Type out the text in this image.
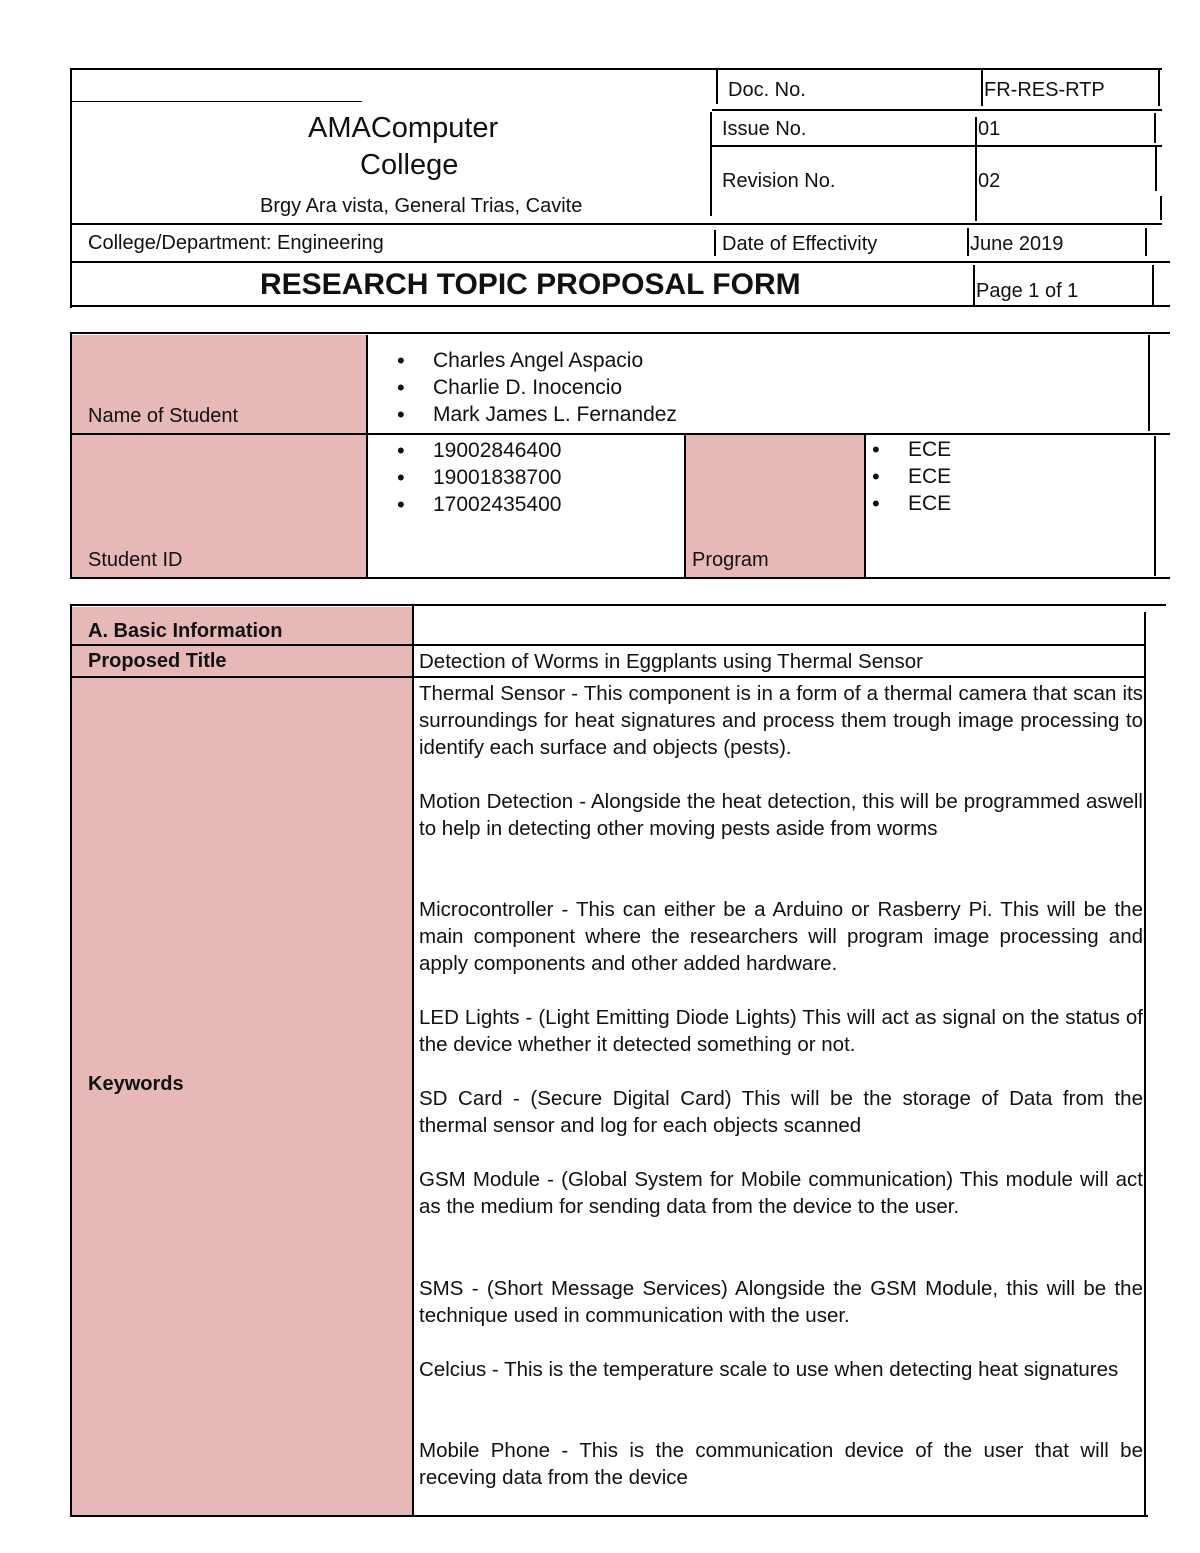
AMAComputer
College
Brgy Ara vista, General Trias, Cavite
College/Department: Engineering
RESEARCH TOPIC PROPOSAL FORM
Doc. No.	FR-RES-RTP
Issue No.	01
Revision No.	02
Date of Effectivity	June 2019
Page 1 of 1
Name of Student
• Charles Angel Aspacio
• Charlie D. Inocencio
• Mark James L. Fernandez
Student ID
• 19002846400
• 19001838700
• 17002435400
Program
• ECE
• ECE
• ECE
A. Basic Information
Proposed Title	Detection of Worms in Eggplants using Thermal Sensor
Keywords
Thermal Sensor - This component is in a form of a thermal camera that scan its surroundings for heat signatures and process them trough image processing to identify each surface and objects (pests).
Motion Detection - Alongside the heat detection, this will be programmed aswell to help in detecting other moving pests aside from worms
Microcontroller - This can either be a Arduino or Rasberry Pi. This will be the main component where the researchers will program image processing and apply components and other added hardware.
LED Lights - (Light Emitting Diode Lights) This will act as signal on the status of the device whether it detected something or not.
SD Card - (Secure Digital Card) This will be the storage of Data from the thermal sensor and log for each objects scanned
GSM Module - (Global System for Mobile communication) This module will act as the medium for sending data from the device to the user.
SMS - (Short Message Services) Alongside the GSM Module, this will be the technique used in communication with the user.
Celcius - This is the temperature scale to use when detecting heat signatures
Mobile Phone - This is the communication device of the user that will be receving data from the device
